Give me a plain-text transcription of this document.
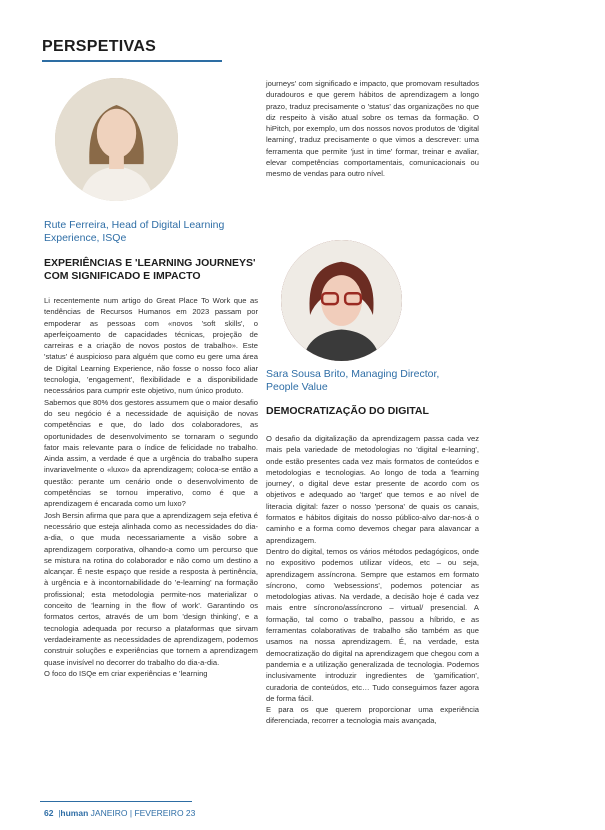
PERSPETIVAS
Rute Ferreira, Head of Digital Learning
Experience, ISQe
EXPERIÊNCIAS E 'LEARNING JOURNEYS'
COM SIGNIFICADO E IMPACTO

Li recentemente num artigo do Great Place To Work que as tendências de Recursos Humanos em 2023 passam por empoderar as pessoas com «novos 'soft skills', o aperfeiçoamento de capacidades técnicas, projeção de carreiras e a criação de novos postos de trabalho». Este 'status' é auspicioso para alguém que como eu gere uma área de Digital Learning Experience, não fosse o nosso foco aliar tecnologia, 'engagement', flexibilidade e a disponibilidade necessários para cumprir este objetivo, num único produto.

Sabemos que 80% dos gestores assumem que o maior desafio do seu negócio é a necessidade de aquisição de novas competências e que, do lado dos colaboradores, as oportunidades de desenvolvimento se tornaram o segundo fator mais relevante para o índice de felicidade no trabalho. Ainda assim, a verdade é que a urgência do trabalho supera invariavelmente o «luxo» da aprendizagem; coloca-se então a questão: perante um cenário onde o desenvolvimento de competências se tornou imperativo, como é que a aprendizagem é encarada como um luxo?

Josh Bersin afirma que para que a aprendizagem seja efetiva é necessário que esteja alinhada como as necessidades do dia-a-dia, o que muda necessariamente a visão sobre a aprendizagem corporativa, olhando-a como um percurso que se mistura na rotina do colaborador e não como um destino a alcançar. É neste espaço que reside a resposta à pertinência, à urgência e à incontornabilidade do 'e-learning' na formação profissional; esta metodologia permite-nos materializar o conceito de 'learning in the flow of work'. Garantindo os formatos certos, através de um bom 'design thinking', e a tecnologia adequada por recurso a plataformas que sirvam verdadeiramente as necessidades de aprendizagem, podemos construir soluções e experiências que tornem a aprendizagem quase invisível no decorrer do trabalho do dia-a-dia.

O foco do ISQe em criar experiências e 'learning

journeys' com significado e impacto, que promovam resultados duradouros e que gerem hábitos de aprendizagem a longo prazo, traduz precisamente o 'status' das organizações no que diz respeito à visão atual sobre os temas da formação. O hiPitch, por exemplo, um dos nossos novos produtos de 'digital learning', traduz precisamente o que vimos a descrever: uma ferramenta que permite 'just in time' formar, treinar e avaliar, elevar competências comportamentais, comunicacionais ou mesmo de vendas para outro nível.

Sara Sousa Brito, Managing Director,
People Value
DEMOCRATIZAÇÃO DO DIGITAL

O desafio da digitalização da aprendizagem passa cada vez mais pela variedade de metodologias no 'digital e-learning', onde estão presentes cada vez mais formatos de conteúdos e metodologias e tecnologias. Ao longo de toda a 'learning journey', o digital deve estar presente de acordo com os objetivos e adequado ao 'target' que temos e ao nível de literacia digital: fazer o nosso 'persona' de quais os canais, formatos e hábitos digitais do nosso público-alvo dar-nos-á o caminho e a forma como devemos chegar para alavancar a aprendizagem.

Dentro do digital, temos os vários métodos pedagógicos, onde no expositivo podemos utilizar vídeos, etc – ou seja, aprendizagem assíncrona. Sempre que estamos em formato síncrono, como 'websessions', podemos potenciar as metodologias ativas. Na verdade, a decisão hoje é cada vez mais entre síncrono/assíncrono – virtual/ presencial. A formação, tal como o trabalho, passou a híbrido, e as ferramentas colaborativas de trabalho são também as que usamos na nossa aprendizagem. É, na verdade, esta democratização do digital na aprendizagem que chegou com a pandemia e a utilização generalizada de tecnologia. Podemos inclusivamente introduzir ingredientes de 'gamification', curadoria de conteúdos, etc… Tudo conseguimos fazer agora de forma fácil.

E para os que querem proporcionar uma experiência diferenciada, recorrer a tecnologia mais avançada,

62  |human JANEIRO | FEVEREIRO 23
